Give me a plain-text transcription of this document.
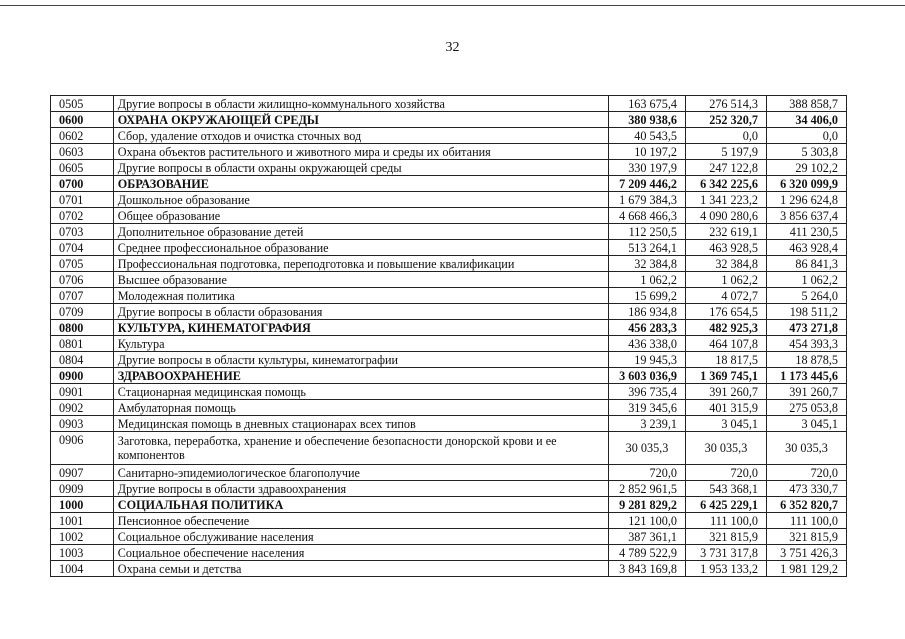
32
0505	Другие вопросы в области жилищно-коммунального хозяйства	163 675,4	276 514,3	388 858,7
0600	ОХРАНА ОКРУЖАЮЩЕЙ СРЕДЫ	380 938,6	252 320,7	34 406,0
0602	Сбор, удаление отходов и очистка сточных вод	40 543,5	0,0	0,0
0603	Охрана объектов растительного и животного мира и среды их обитания	10 197,2	5 197,9	5 303,8
0605	Другие вопросы в области охраны окружающей среды	330 197,9	247 122,8	29 102,2
0700	ОБРАЗОВАНИЕ	7 209 446,2	6 342 225,6	6 320 099,9
0701	Дошкольное образование	1 679 384,3	1 341 223,2	1 296 624,8
0702	Общее образование	4 668 466,3	4 090 280,6	3 856 637,4
0703	Дополнительное образование детей	112 250,5	232 619,1	411 230,5
0704	Среднее профессиональное образование	513 264,1	463 928,5	463 928,4
0705	Профессиональная подготовка, переподготовка и повышение квалификации	32 384,8	32 384,8	86 841,3
0706	Высшее образование	1 062,2	1 062,2	1 062,2
0707	Молодежная политика	15 699,2	4 072,7	5 264,0
0709	Другие вопросы в области образования	186 934,8	176 654,5	198 511,2
0800	КУЛЬТУРА, КИНЕМАТОГРАФИЯ	456 283,3	482 925,3	473 271,8
0801	Культура	436 338,0	464 107,8	454 393,3
0804	Другие вопросы в области культуры, кинематографии	19 945,3	18 817,5	18 878,5
0900	ЗДРАВООХРАНЕНИЕ	3 603 036,9	1 369 745,1	1 173 445,6
0901	Стационарная медицинская помощь	396 735,4	391 260,7	391 260,7
0902	Амбулаторная помощь	319 345,6	401 315,9	275 053,8
0903	Медицинская помощь в дневных стационарах всех типов	3 239,1	3 045,1	3 045,1
0906	Заготовка, переработка, хранение и обеспечение безопасности донорской крови и ее компонентов	30 035,3	30 035,3	30 035,3
0907	Санитарно-эпидемиологическое благополучие	720,0	720,0	720,0
0909	Другие вопросы в области здравоохранения	2 852 961,5	543 368,1	473 330,7
1000	СОЦИАЛЬНАЯ ПОЛИТИКА	9 281 829,2	6 425 229,1	6 352 820,7
1001	Пенсионное обеспечение	121 100,0	111 100,0	111 100,0
1002	Социальное обслуживание населения	387 361,1	321 815,9	321 815,9
1003	Социальное обеспечение населения	4 789 522,9	3 731 317,8	3 751 426,3
1004	Охрана семьи и детства	3 843 169,8	1 953 133,2	1 981 129,2
